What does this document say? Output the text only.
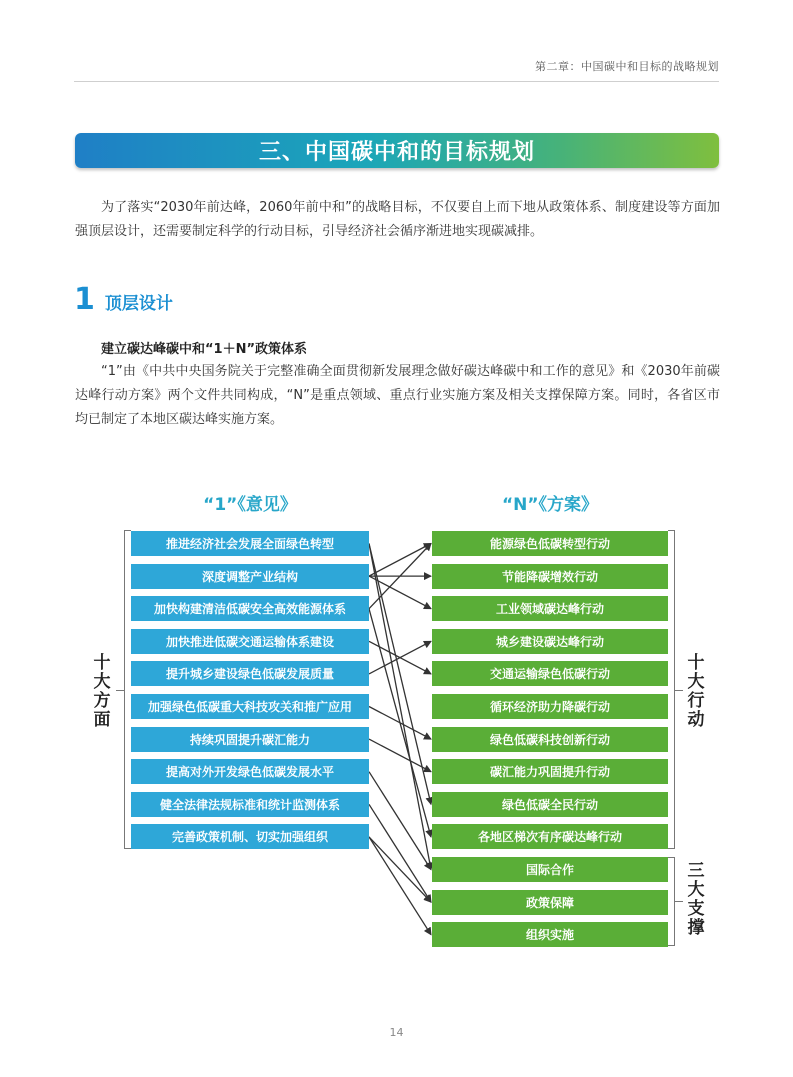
第二章：中国碳中和目标的战略规划
三、中国碳中和的目标规划

为了落实“2030年前达峰，2060年前中和”的战略目标，不仅要自上而下地从政策体系、制度建设等方面加强顶层设计，还需要制定科学的行动目标，引导经济社会循序渐进地实现碳减排。

1 顶层设计
建立碳达峰碳中和“1＋N”政策体系

“1”由《中共中央国务院关于完整准确全面贯彻新发展理念做好碳达峰碳中和工作的意见》和《2030年前碳达峰行动方案》两个文件共同构成，“N”是重点领域、重点行业实施方案及相关支撑保障方案。同时，各省区市均已制定了本地区碳达峰实施方案。

“1”《意见》	“N”《方案》
十大方面
十大行动
三大支撑
推进经济社会发展全面绿色转型
深度调整产业结构
加快构建清洁低碳安全高效能源体系
加快推进低碳交通运输体系建设
提升城乡建设绿色低碳发展质量
加强绿色低碳重大科技攻关和推广应用
持续巩固提升碳汇能力
提高对外开发绿色低碳发展水平
健全法律法规标准和统计监测体系
完善政策机制、切实加强组织
能源绿色低碳转型行动
节能降碳增效行动
工业领域碳达峰行动
城乡建设碳达峰行动
交通运输绿色低碳行动
循环经济助力降碳行动
绿色低碳科技创新行动
碳汇能力巩固提升行动
绿色低碳全民行动
各地区梯次有序碳达峰行动
国际合作
政策保障
组织实施
14
